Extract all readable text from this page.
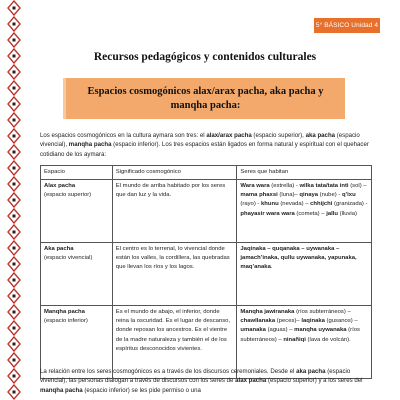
5° BÁSICO Unidad 4
Recursos pedagógicos y contenidos culturales
Espacios cosmogónicos alax/arax pacha, aka pacha y manqha pacha:

Los espacios cosmogónicos en la cultura aymara son tres: el alax/arax pacha (espacio superior), aka pacha (espacio vivencial), manqha pacha (espacio inferior). Los tres espacios están ligados en forma natural y espiritual con el quehacer cotidiano de los aymara:

Espacio	Significado cosmogónico	Seres que habitan
Alax pacha
(espacio superior)	El mundo de arriba habitado por los seres que dan luz y la vida.	Wara wara (estrella) - wilka tata/tata inti (sol) – mama phaxsi (luna)– qinaya (nube) - q’ixu (rayo) - khunu (nevada) – chhijchi (granizada) - phayasir wara wara (cometa) – jallu (lluvia)
Aka pacha
(espacio vivencial)	El centro es lo terrenal, lo vivencial donde están los valles, la cordillera, las quebradas que llevan los ríos y los lagos.	Jaqinaka – quqanaka – uywanaka – jamach’inaka, qullu uywanaka, yapunaka, maq’anaka.
Manqha pacha
(espacio inferior)	Es el mundo de abajo, el inferior, donde reina la oscuridad. Es el lugar de descanso, donde reposan los ancestros. Es el vientre de la madre naturaleza y también el de los espíritus desconocidos vivientes.	Manqha jawiranaka (ríos subterráneos) – chawllanaka (peces)– laqinaka (gusanos) – umanaka (aguas) – manqha uywanaka (ríos subterráneos) – ninañiqi (lava de volcán).

La relación entre los seres cosmogónicos es a través de los discursos ceremoniales. Desde el aka pacha (espacio vivencial), las personas dialogan a través de discursos con los seres de alax pacha (espacio superior) y a los seres del manqha pacha (espacio inferior) se les pide permiso o una
